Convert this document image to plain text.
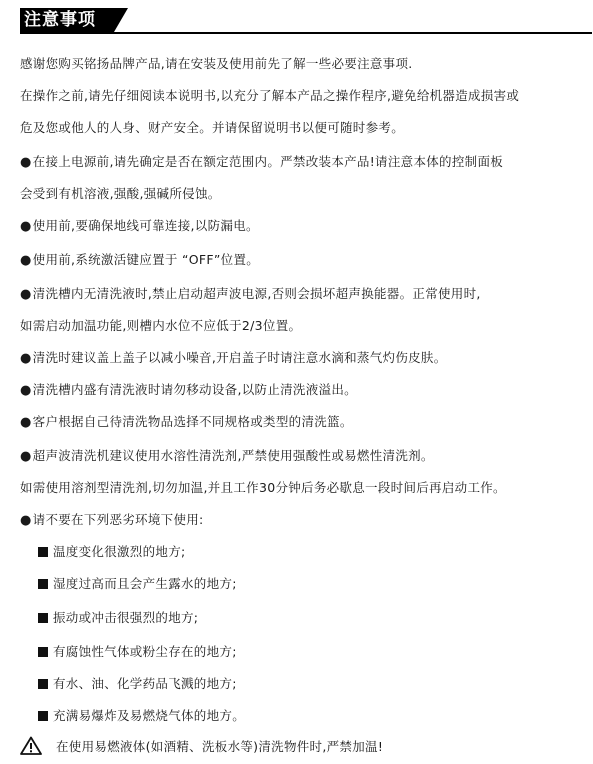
注意事项
感谢您购买铭扬品牌产品,请在安装及使用前先了解一些必要注意事项.
在操作之前,请先仔细阅读本说明书,以充分了解本产品之操作程序,避免给机器造成损害或
危及您或他人的人身、财产安全。并请保留说明书以便可随时参考。
●在接上电源前,请先确定是否在额定范围内。严禁改装本产品!请注意本体的控制面板
会受到有机溶液,强酸,强碱所侵蚀。
●使用前,要确保地线可靠连接,以防漏电。
●使用前,系统激活键应置于 “OFF”位置。
●清洗槽内无清洗液时,禁止启动超声波电源,否则会损坏超声换能器。正常使用时,
如需启动加温功能,则槽内水位不应低于2/3位置。
●清洗时建议盖上盖子以减小噪音,开启盖子时请注意水滴和蒸气灼伤皮肤。
●清洗槽内盛有清洗液时请勿移动设备,以防止清洗液溢出。
●客户根据自己待清洗物品选择不同规格或类型的清洗篮。
●超声波清洗机建议使用水溶性清洗剂,严禁使用强酸性或易燃性清洗剂。
如需使用溶剂型清洗剂,切勿加温,并且工作30分钟后务必歇息一段时间后再启动工作。
●请不要在下列恶劣环境下使用:
温度变化很激烈的地方;
湿度过高而且会产生露水的地方;
振动或冲击很强烈的地方;
有腐蚀性气体或粉尘存在的地方;
有水、油、化学药品飞溅的地方;
充满易爆炸及易燃烧气体的地方。
在使用易燃液体(如酒精、洗板水等)清洗物件时,严禁加温!
